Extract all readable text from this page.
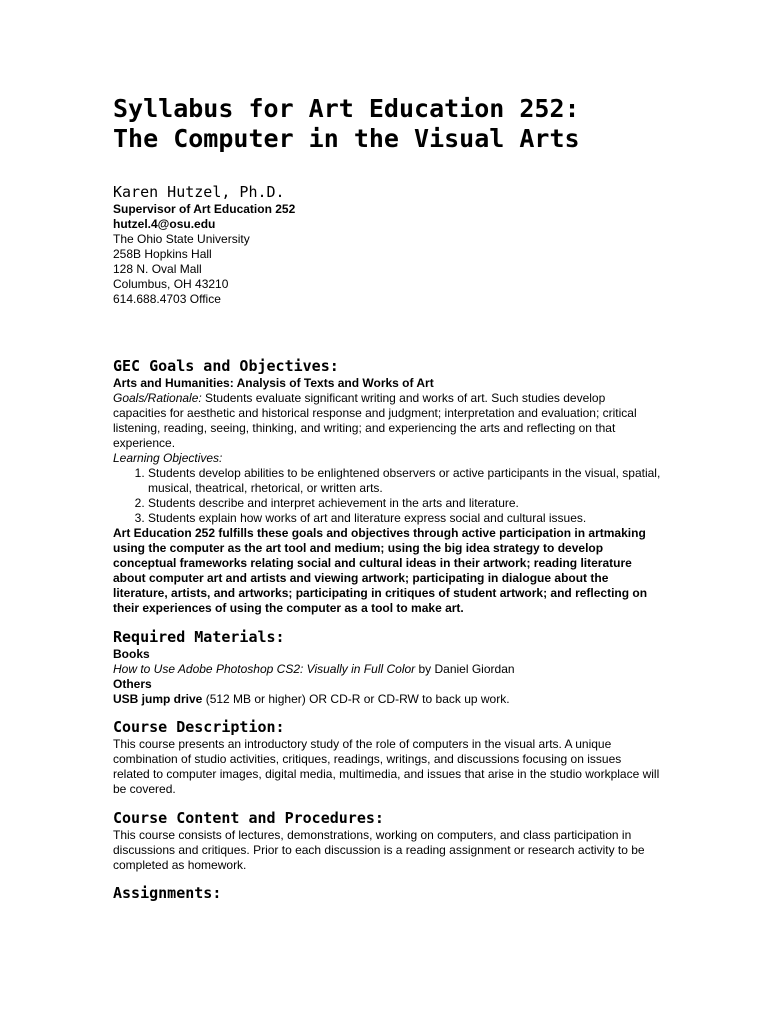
Syllabus for Art Education 252:
The Computer in the Visual Arts
Karen Hutzel, Ph.D.
Supervisor of Art Education 252
hutzel.4@osu.edu
The Ohio State University
258B Hopkins Hall
128 N. Oval Mall
Columbus, OH 43210
614.688.4703 Office
GEC Goals and Objectives:
Arts and Humanities: Analysis of Texts and Works of Art
Goals/Rationale: Students evaluate significant writing and works of art. Such studies develop capacities for aesthetic and historical response and judgment; interpretation and evaluation; critical listening, reading, seeing, thinking, and writing; and experiencing the arts and reflecting on that experience.
Learning Objectives:
1. Students develop abilities to be enlightened observers or active participants in the visual, spatial, musical, theatrical, rhetorical, or written arts.
2. Students describe and interpret achievement in the arts and literature.
3. Students explain how works of art and literature express social and cultural issues.
Art Education 252 fulfills these goals and objectives through active participation in artmaking using the computer as the art tool and medium; using the big idea strategy to develop conceptual frameworks relating social and cultural ideas in their artwork; reading literature about computer art and artists and viewing artwork; participating in dialogue about the literature, artists, and artworks; participating in critiques of student artwork; and reflecting on their experiences of using the computer as a tool to make art.
Required Materials:
Books
How to Use Adobe Photoshop CS2: Visually in Full Color by Daniel Giordan
Others
USB jump drive (512 MB or higher) OR CD-R or CD-RW to back up work.
Course Description:
This course presents an introductory study of the role of computers in the visual arts. A unique combination of studio activities, critiques, readings, writings, and discussions focusing on issues related to computer images, digital media, multimedia, and issues that arise in the studio workplace will be covered.
Course Content and Procedures:
This course consists of lectures, demonstrations, working on computers, and class participation in discussions and critiques. Prior to each discussion is a reading assignment or research activity to be completed as homework.
Assignments:
